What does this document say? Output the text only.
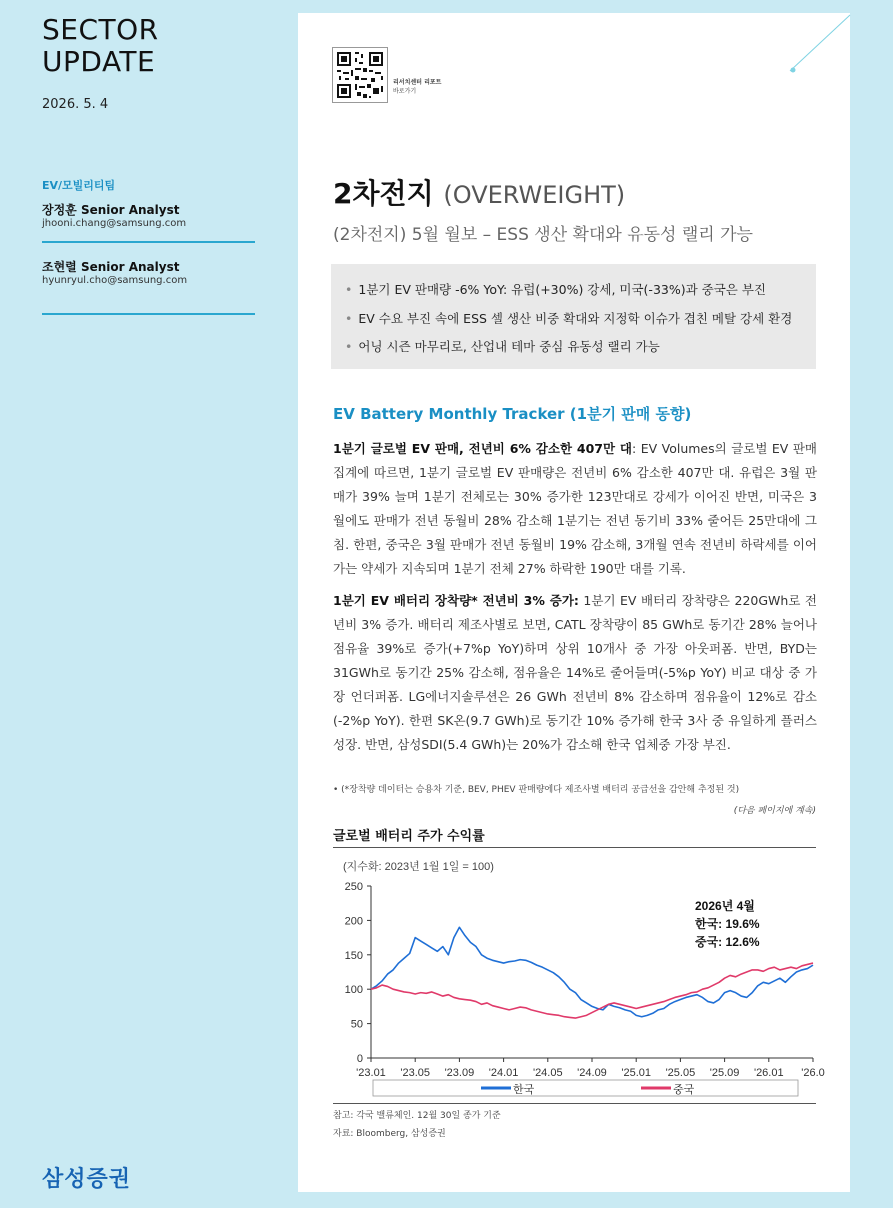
SECTOR
UPDATE
2026. 5. 4
EV/모빌리티팀
장정훈 Senior Analyst
jhooni.chang@samsung.com
조현렬 Senior Analyst
hyunryul.cho@samsung.com
삼성증권
리서치센터 리포트
바로가기
2차전지 (OVERWEIGHT)
(2차전지) 5월 월보 – ESS 생산 확대와 유동성 랠리 가능
• 1분기 EV 판매량 -6% YoY: 유럽(+30%) 강세, 미국(-33%)과 중국은 부진
• EV 수요 부진 속에 ESS 셀 생산 비중 확대와 지정학 이슈가 겹친 메탈 강세 환경
• 어닝 시즌 마무리로, 산업내 테마 중심 유동성 랠리 가능
EV Battery Monthly Tracker (1분기 판매 동향)
1분기 글로벌 EV 판매, 전년비 6% 감소한 407만 대: EV Volumes의 글로벌 EV 판매 집계에 따르면, 1분기 글로벌 EV 판매량은 전년비 6% 감소한 407만 대. 유럽은 3월 판매가 39% 늘며 1분기 전체로는 30% 증가한 123만대로 강세가 이어진 반면, 미국은 3월에도 판매가 전년 동월비 28% 감소해 1분기는 전년 동기비 33% 줄어든 25만대에 그침. 한편, 중국은 3월 판매가 전년 동월비 19% 감소해, 3개월 연속 전년비 하락세를 이어가는 약세가 지속되며 1분기 전체 27% 하락한 190만 대를 기록.
1분기 EV 배터리 장착량* 전년비 3% 증가: 1분기 EV 배터리 장착량은 220GWh로 전년비 3% 증가. 배터리 제조사별로 보면, CATL 장착량이 85 GWh로 동기간 28% 늘어나 점유율 39%로 증가(+7%p YoY)하며 상위 10개사 중 가장 아웃퍼폼. 반면, BYD는 31GWh로 동기간 25% 감소해, 점유율은 14%로 줄어들며(-5%p YoY) 비교 대상 중 가장 언더퍼폼. LG에너지솔루션은 26 GWh 전년비 8% 감소하며 점유율이 12%로 감소(-2%p YoY). 한편 SK온(9.7 GWh)로 동기간 10% 증가해 한국 3사 중 유일하게 플러스 성장. 반면, 삼성SDI(5.4 GWh)는 20%가 감소해 한국 업체중 가장 부진.
• (*장착량 데이터는 승용차 기준, BEV, PHEV 판매량에다 제조사별 배터리 공급선을 감안해 추정된 것)
(다음 페이지에 계속)
글로벌 배터리 주가 수익률
(지수화: 2023년 1월 1일 = 100)
0
50
100
150
200
250
'23.01 '23.05 '23.09 '24.01 '24.05 '24.09 '25.01 '25.05 '25.09 '26.01 '26.0
2026년 4월
한국: 19.6%
중국: 12.6%
한국	중국
참고: 각국 밸류체인. 12월 30일 종가 기준
자료: Bloomberg, 삼성증권
